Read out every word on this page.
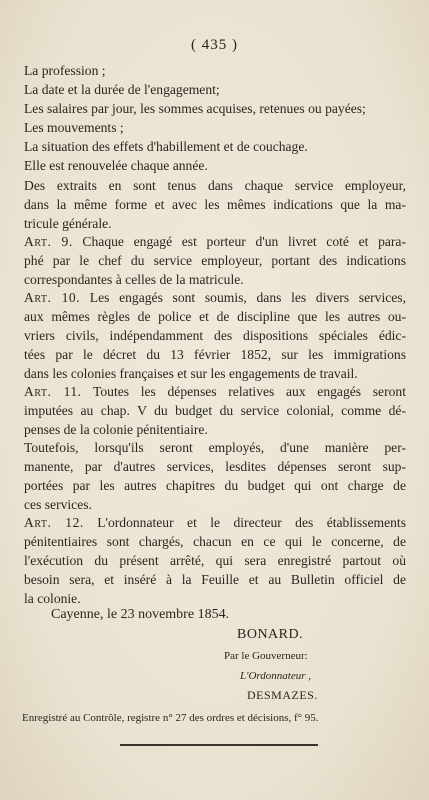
( 435 )
La profession ;
La date et la durée de l'engagement;
Les salaires par jour, les sommes acquises, retenues ou payées;
Les mouvements ;
La situation des effets d'habillement et de couchage.
Elle est renouvelée chaque année.
Des extraits en sont tenus dans chaque service employeur,
dans la même forme et avec les mêmes indications que la ma-
tricule générale.
Art. 9. Chaque engagé est porteur d'un livret coté et para-
phé par le chef du service employeur, portant des indications
correspondantes à celles de la matricule.
Art. 10. Les engagés sont soumis, dans les divers services,
aux mêmes règles de police et de discipline que les autres ou-
vriers civils, indépendamment des dispositions spéciales édic-
tées par le décret du 13 février 1852, sur les immigrations
dans les colonies françaises et sur les engagements de travail.
Art. 11. Toutes les dépenses relatives aux engagés seront
imputées au chap. V du budget du service colonial, comme dé-
penses de la colonie pénitentiaire.
Toutefois, lorsqu'ils seront employés, d'une manière per-
manente, par d'autres services, lesdites dépenses seront sup-
portées par les autres chapitres du budget qui ont charge de
ces services.
Art. 12. L'ordonnateur et le directeur des établissements
pénitentiaires sont chargés, chacun en ce qui le concerne, de
l'exécution du présent arrêté, qui sera enregistré partout où
besoin sera, et inséré à la Feuille et au Bulletin officiel de
la colonie.
Cayenne, le 23 novembre 1854.
BONARD.
Par le Gouverneur:
L'Ordonnateur ,
DESMAZES.
Enregistré au Contrôle, registre n° 27 des ordres et décisions, f° 95.
